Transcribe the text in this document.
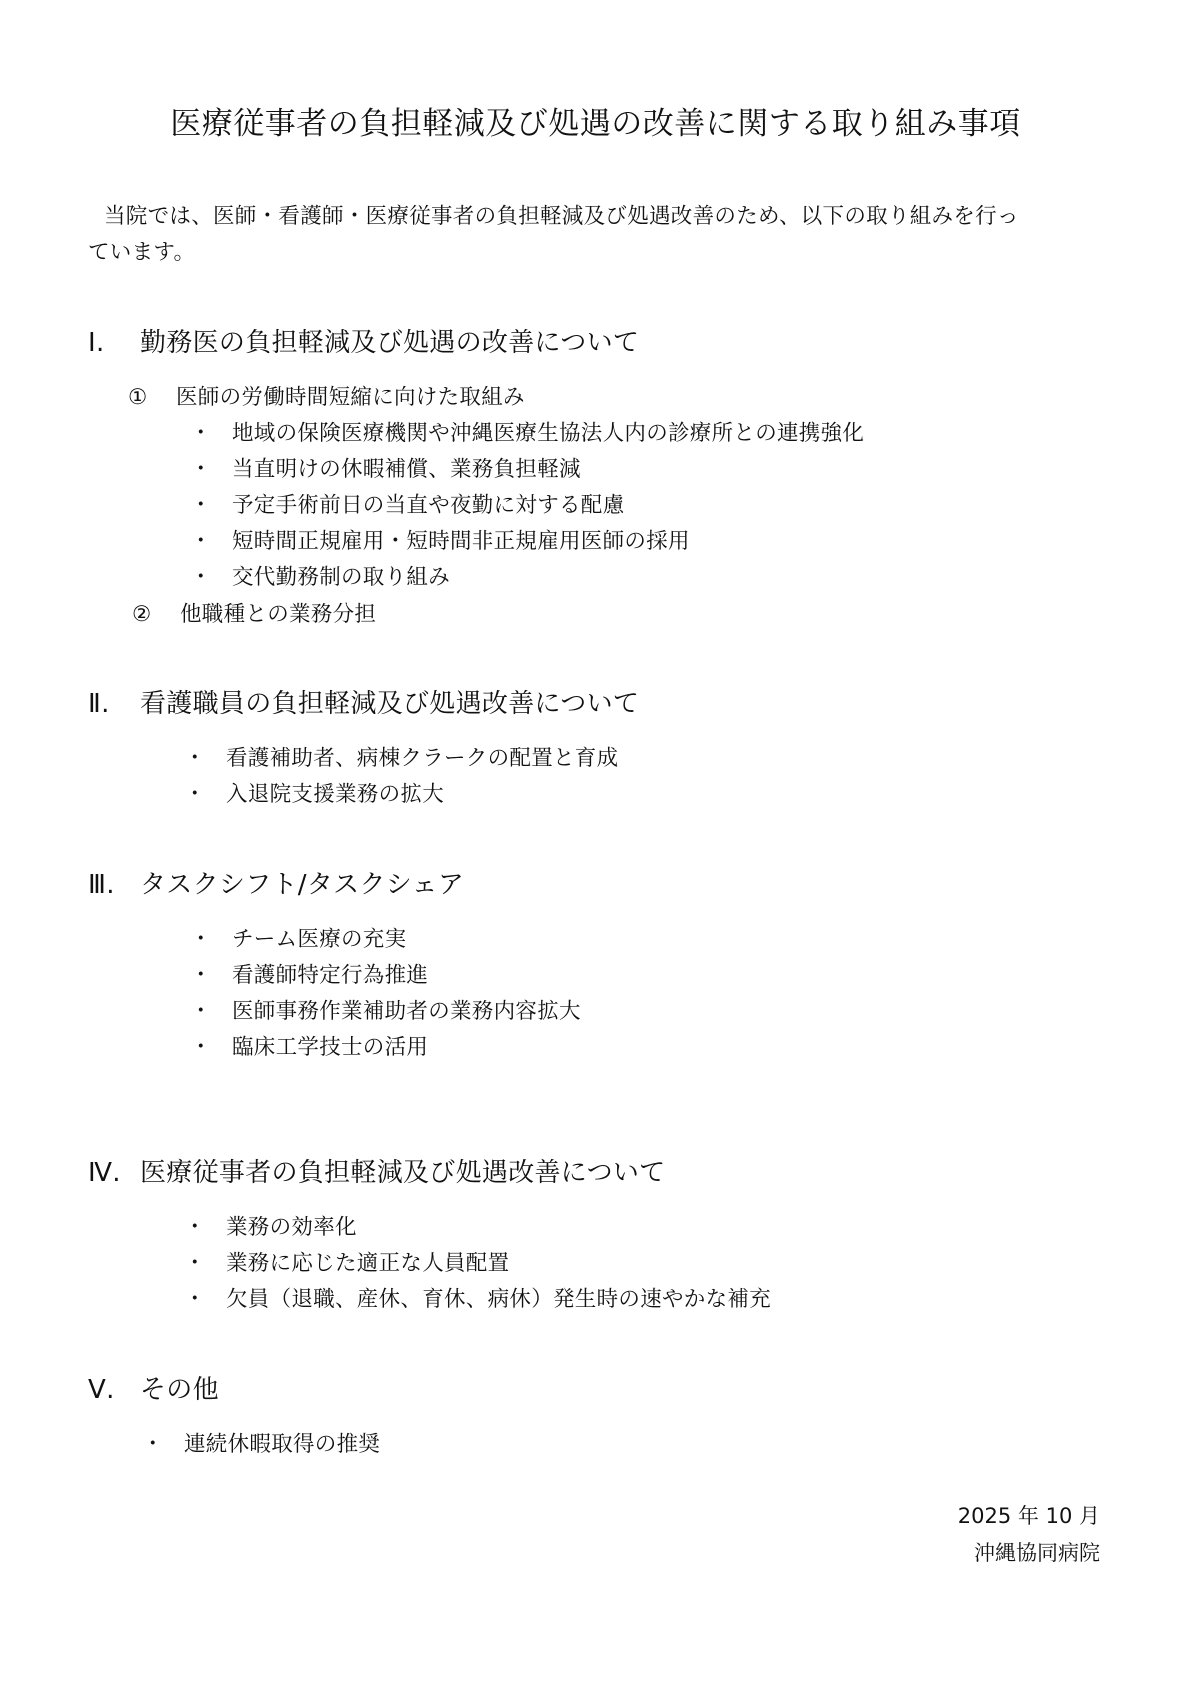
医療従事者の負担軽減及び処遇の改善に関する取り組み事項
当院では、医師・看護師・医療従事者の負担軽減及び処遇改善のため、以下の取り組みを行っ
ています。
Ⅰ. 勤務医の負担軽減及び処遇の改善について
① 医師の労働時間短縮に向けた取組み
・ 地域の保険医療機関や沖縄医療生協法人内の診療所との連携強化
・ 当直明けの休暇補償、業務負担軽減
・ 予定手術前日の当直や夜勤に対する配慮
・ 短時間正規雇用・短時間非正規雇用医師の採用
・ 交代勤務制の取り組み
② 他職種との業務分担
Ⅱ. 看護職員の負担軽減及び処遇改善について
・ 看護補助者、病棟クラークの配置と育成
・ 入退院支援業務の拡大
Ⅲ. タスクシフト/タスクシェア
・ チーム医療の充実
・ 看護師特定行為推進
・ 医師事務作業補助者の業務内容拡大
・ 臨床工学技士の活用
Ⅳ. 医療従事者の負担軽減及び処遇改善について
・ 業務の効率化
・ 業務に応じた適正な人員配置
・ 欠員（退職、産休、育休、病休）発生時の速やかな補充
Ⅴ. その他
・ 連続休暇取得の推奨
2025 年 10 月
沖縄協同病院
